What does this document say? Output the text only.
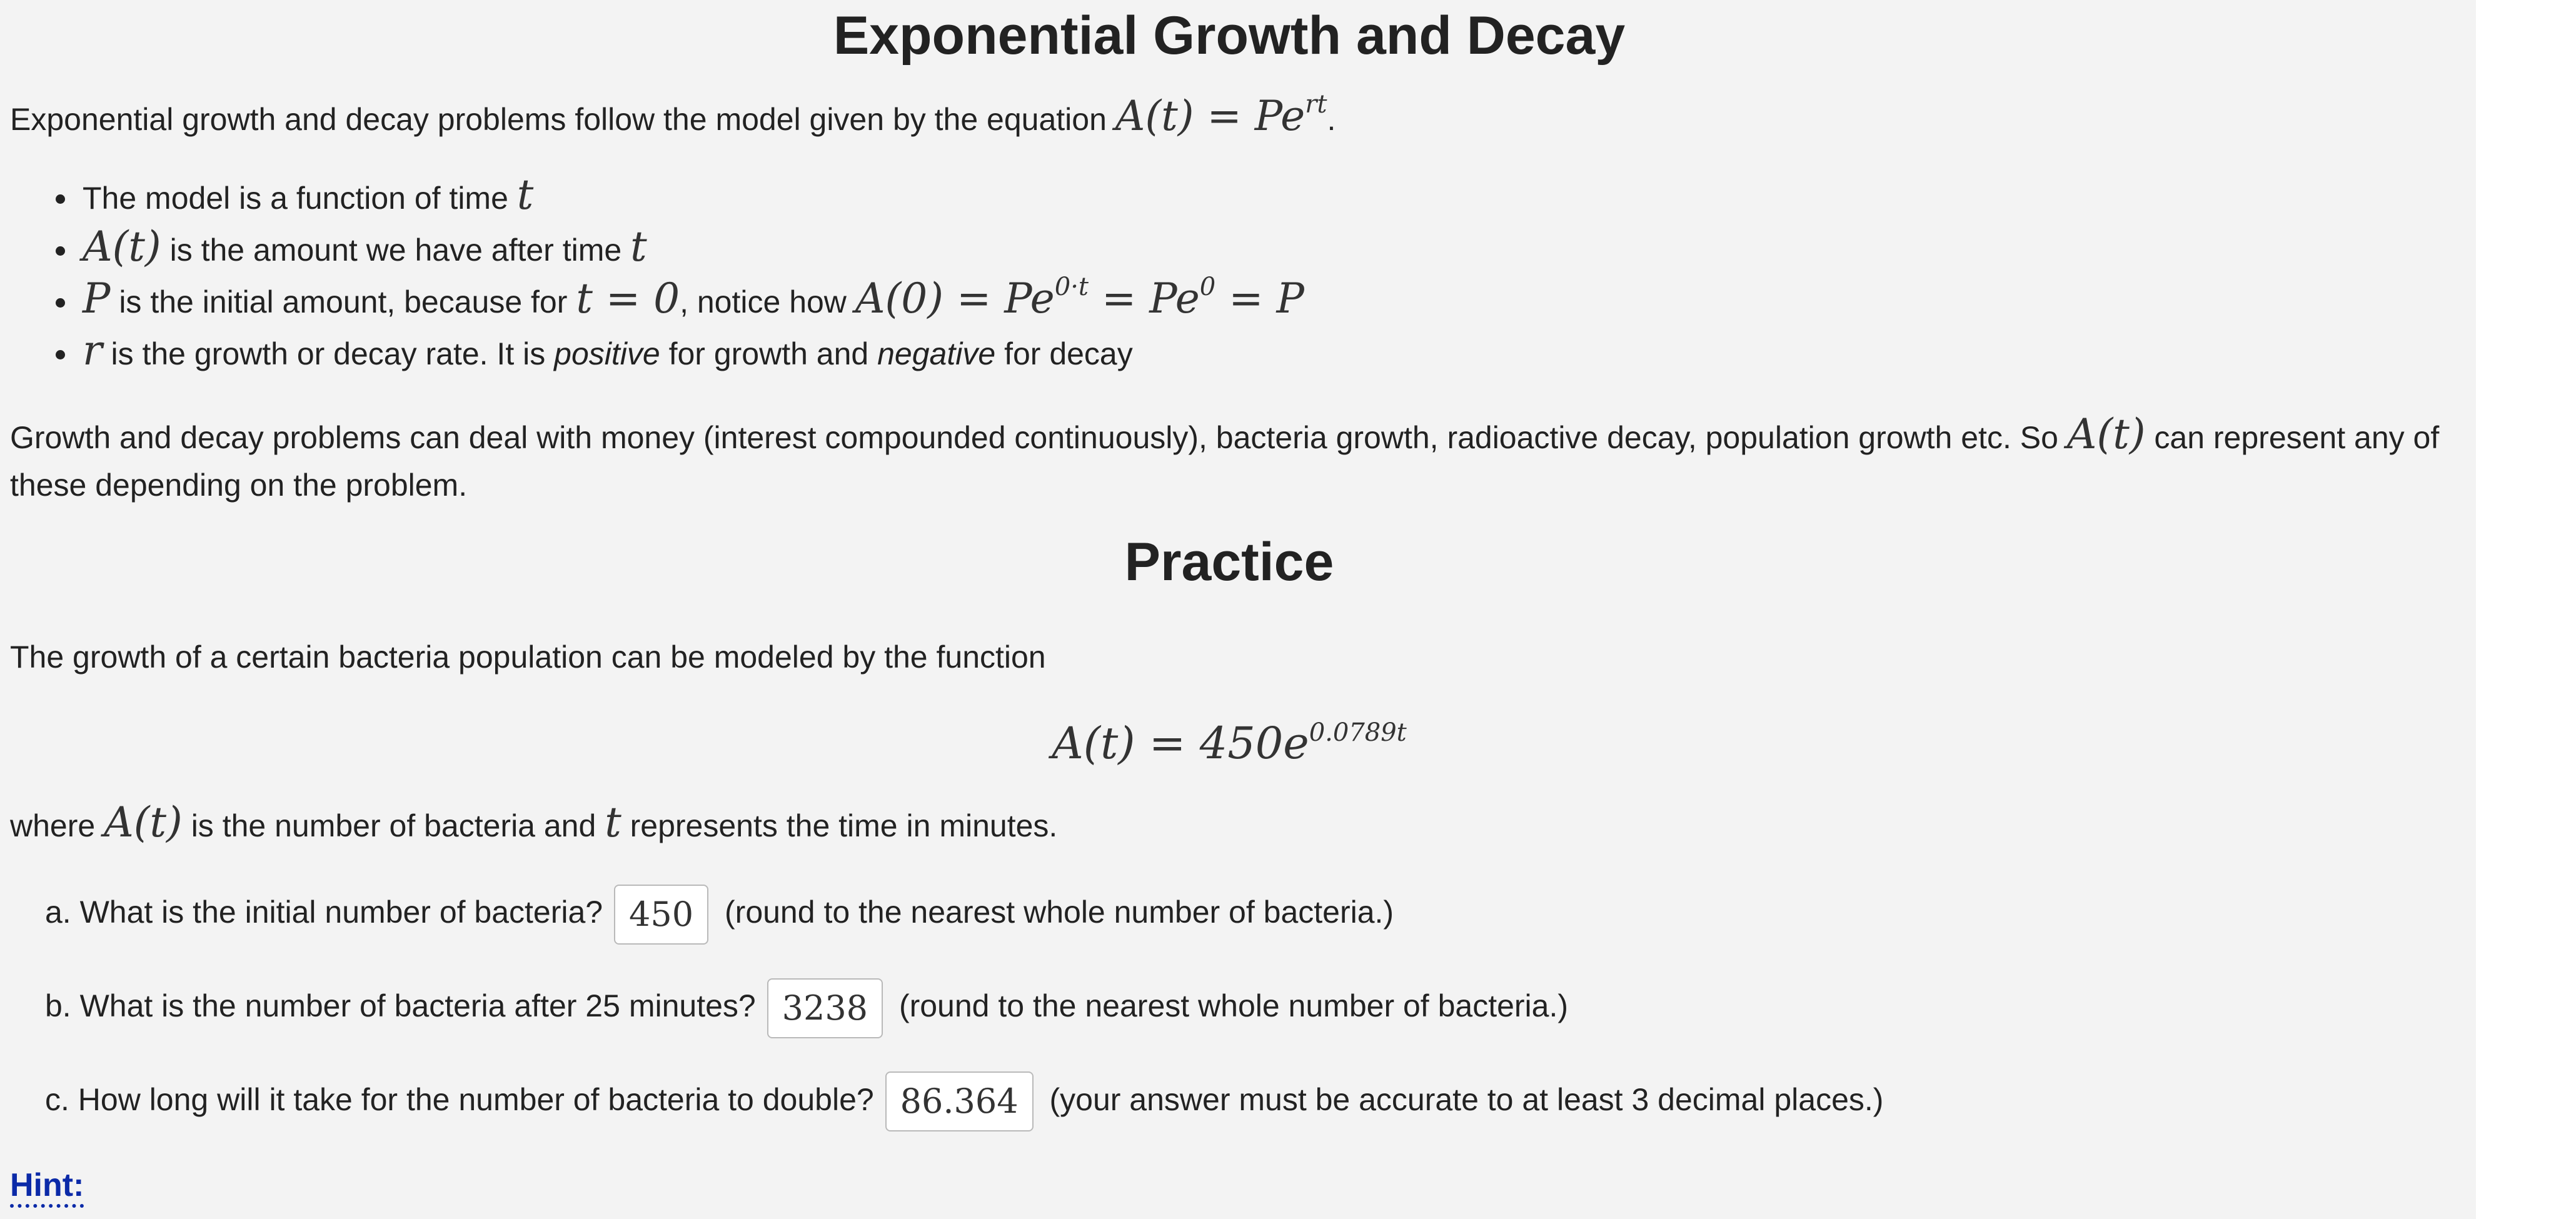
Exponential Growth and Decay

Exponential growth and decay problems follow the model given by the equation $A(t) = Pe^{rt}$.

• The model is a function of time t
• A(t) is the amount we have after time t
• P is the initial amount, because for t = 0, notice how $A(0) = Pe^{0\cdot t} = Pe^0 = P$
• r is the growth or decay rate. It is positive for growth and negative for decay

Growth and decay problems can deal with money (interest compounded continuously), bacteria growth, radioactive decay, population growth etc. So A(t) can represent any of these depending on the problem.

Practice

The growth of a certain bacteria population can be modeled by the function

$A(t) = 450e^{0.0789t}$

where A(t) is the number of bacteria and t represents the time in minutes.

a. What is the initial number of bacteria? 450 (round to the nearest whole number of bacteria.)
b. What is the number of bacteria after 25 minutes? 3238 (round to the nearest whole number of bacteria.)
c. How long will it take for the number of bacteria to double? 86.364 (your answer must be accurate to at least 3 decimal places.)
Hint:
